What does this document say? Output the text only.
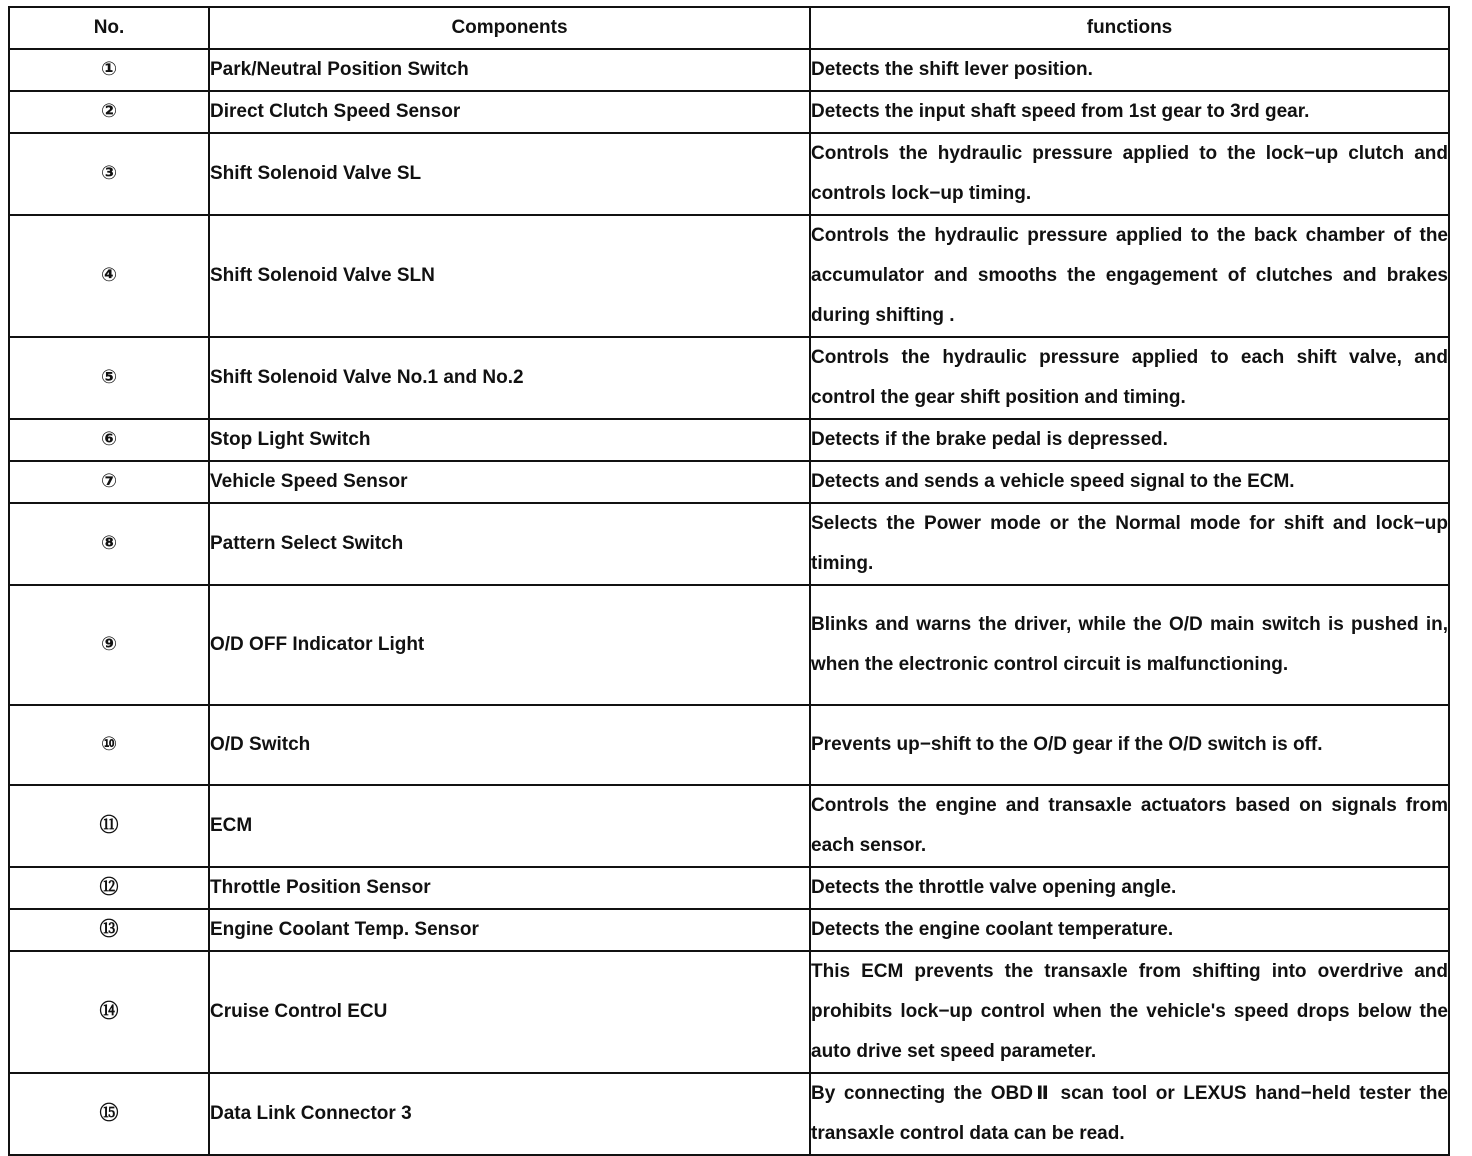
No.	Components	functions
①	Park/Neutral Position Switch	Detects the shift lever position.
②	Direct Clutch Speed Sensor	Detects the input shaft speed from 1st gear to 3rd gear.
③	Shift Solenoid Valve SL	Controls the hydraulic pressure applied to the lock−up clutch and controls lock−up timing.
④	Shift Solenoid Valve SLN	Controls the hydraulic pressure applied to the back chamber of the accumulator and smooths the engagement of clutches and brakes during shifting .
⑤	Shift Solenoid Valve No.1 and No.2	Controls the hydraulic pressure applied to each shift valve, and control the gear shift position and timing.
⑥	Stop Light Switch	Detects if the brake pedal is depressed.
⑦	Vehicle Speed Sensor	Detects and sends a vehicle speed signal to the ECM.
⑧	Pattern Select Switch	Selects the Power mode or the Normal mode for shift and lock−up timing.
⑨	O/D OFF Indicator Light	Blinks and warns the driver, while the O/D main switch is pushed in, when the electronic control circuit is malfunctioning.
⑩	O/D Switch	Prevents up−shift to the O/D gear if the O/D switch is off.
⑪	ECM	Controls the engine and transaxle actuators based on signals from each sensor.
⑫	Throttle Position Sensor	Detects the throttle valve opening angle.
⑬	Engine Coolant Temp. Sensor	Detects the engine coolant temperature.
⑭	Cruise Control ECU	This ECM prevents the transaxle from shifting into overdrive and prohibits lock−up control when the vehicle's speed drops below the auto drive set speed parameter.
⑮	Data Link Connector 3	By connecting the OBDⅡ scan tool or LEXUS hand−held tester the transaxle control data can be read.
